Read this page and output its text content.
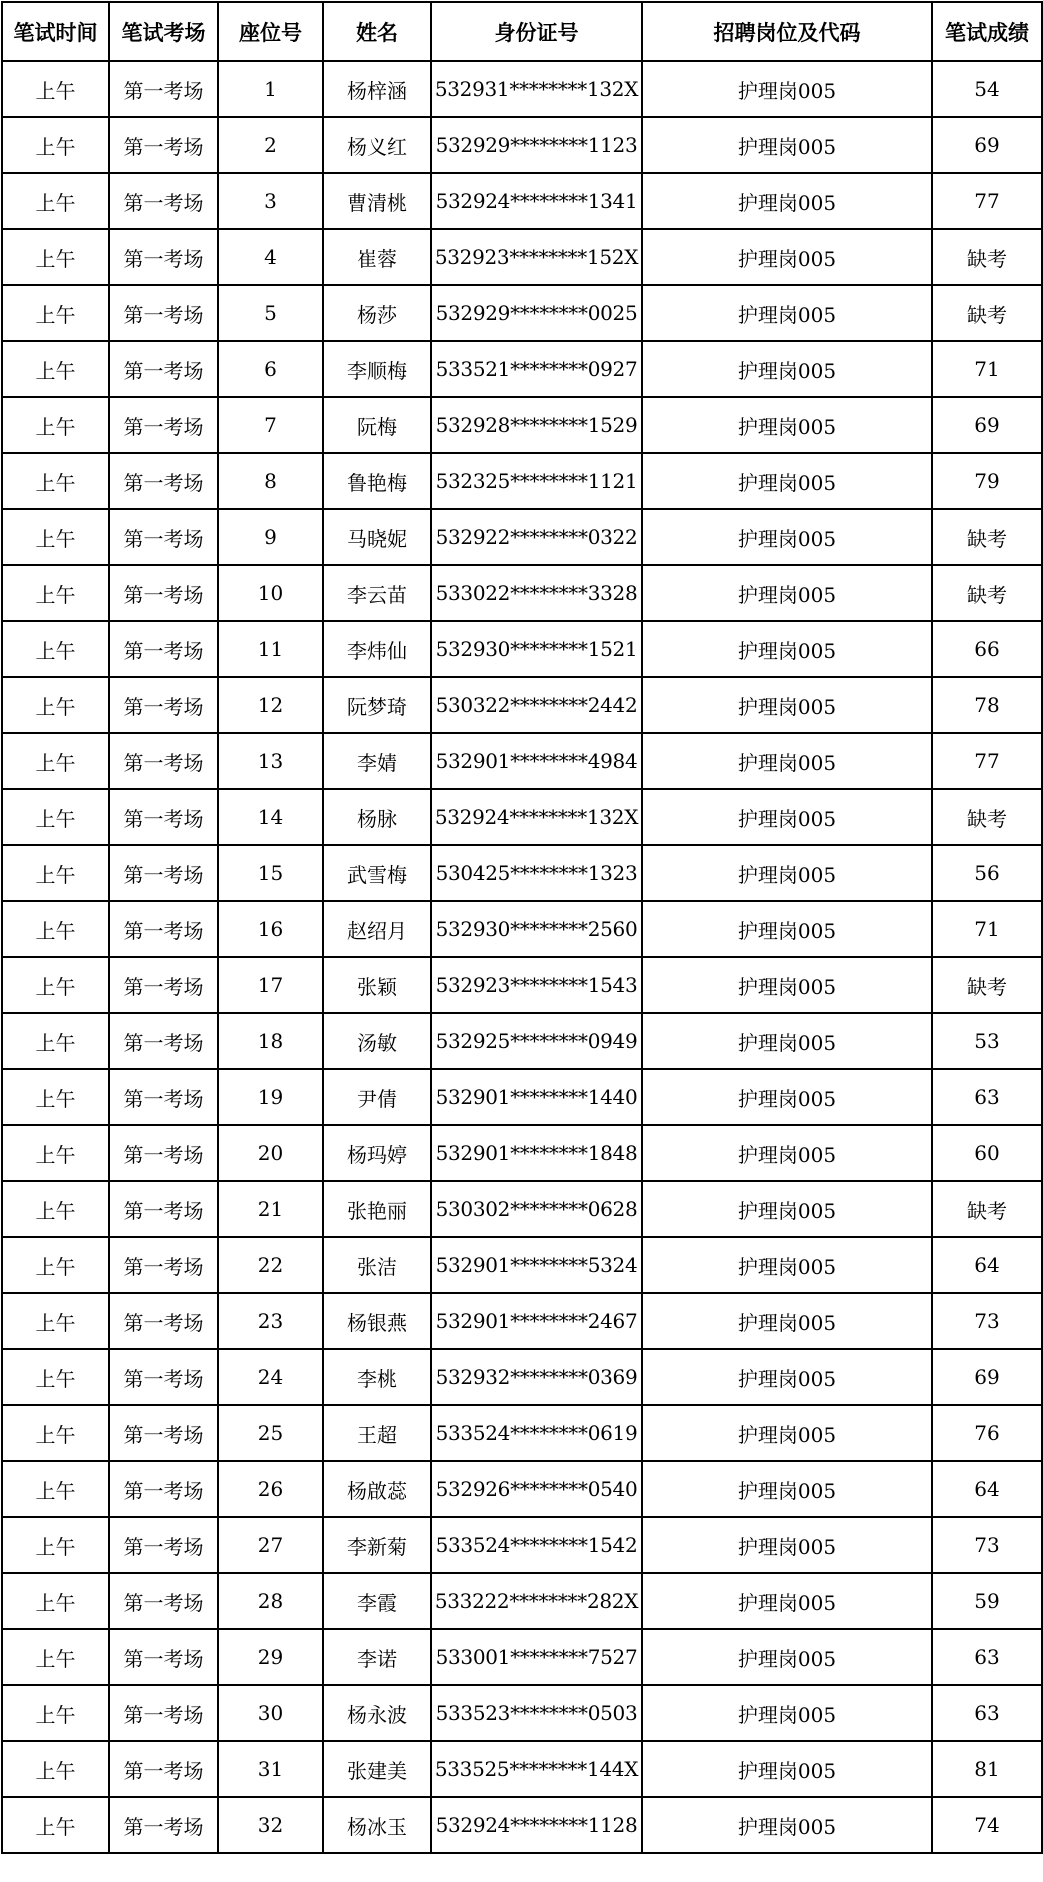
笔试时间	笔试考场	座位号	姓名	身份证号	招聘岗位及代码	笔试成绩
上午	第一考场	1	杨梓涵	532931********132X	护理岗005	54
上午	第一考场	2	杨义红	532929********1123	护理岗005	69
上午	第一考场	3	曹清桃	532924********1341	护理岗005	77
上午	第一考场	4	崔蓉	532923********152X	护理岗005	缺考
上午	第一考场	5	杨莎	532929********0025	护理岗005	缺考
上午	第一考场	6	李顺梅	533521********0927	护理岗005	71
上午	第一考场	7	阮梅	532928********1529	护理岗005	69
上午	第一考场	8	鲁艳梅	532325********1121	护理岗005	79
上午	第一考场	9	马晓妮	532922********0322	护理岗005	缺考
上午	第一考场	10	李云苗	533022********3328	护理岗005	缺考
上午	第一考场	11	李炜仙	532930********1521	护理岗005	66
上午	第一考场	12	阮梦琦	530322********2442	护理岗005	78
上午	第一考场	13	李婧	532901********4984	护理岗005	77
上午	第一考场	14	杨脉	532924********132X	护理岗005	缺考
上午	第一考场	15	武雪梅	530425********1323	护理岗005	56
上午	第一考场	16	赵绍月	532930********2560	护理岗005	71
上午	第一考场	17	张颖	532923********1543	护理岗005	缺考
上午	第一考场	18	汤敏	532925********0949	护理岗005	53
上午	第一考场	19	尹倩	532901********1440	护理岗005	63
上午	第一考场	20	杨玛婷	532901********1848	护理岗005	60
上午	第一考场	21	张艳丽	530302********0628	护理岗005	缺考
上午	第一考场	22	张洁	532901********5324	护理岗005	64
上午	第一考场	23	杨银燕	532901********2467	护理岗005	73
上午	第一考场	24	李桃	532932********0369	护理岗005	69
上午	第一考场	25	王超	533524********0619	护理岗005	76
上午	第一考场	26	杨啟蕊	532926********0540	护理岗005	64
上午	第一考场	27	李新菊	533524********1542	护理岗005	73
上午	第一考场	28	李霞	533222********282X	护理岗005	59
上午	第一考场	29	李诺	533001********7527	护理岗005	63
上午	第一考场	30	杨永波	533523********0503	护理岗005	63
上午	第一考场	31	张建美	533525********144X	护理岗005	81
上午	第一考场	32	杨冰玉	532924********1128	护理岗005	74
